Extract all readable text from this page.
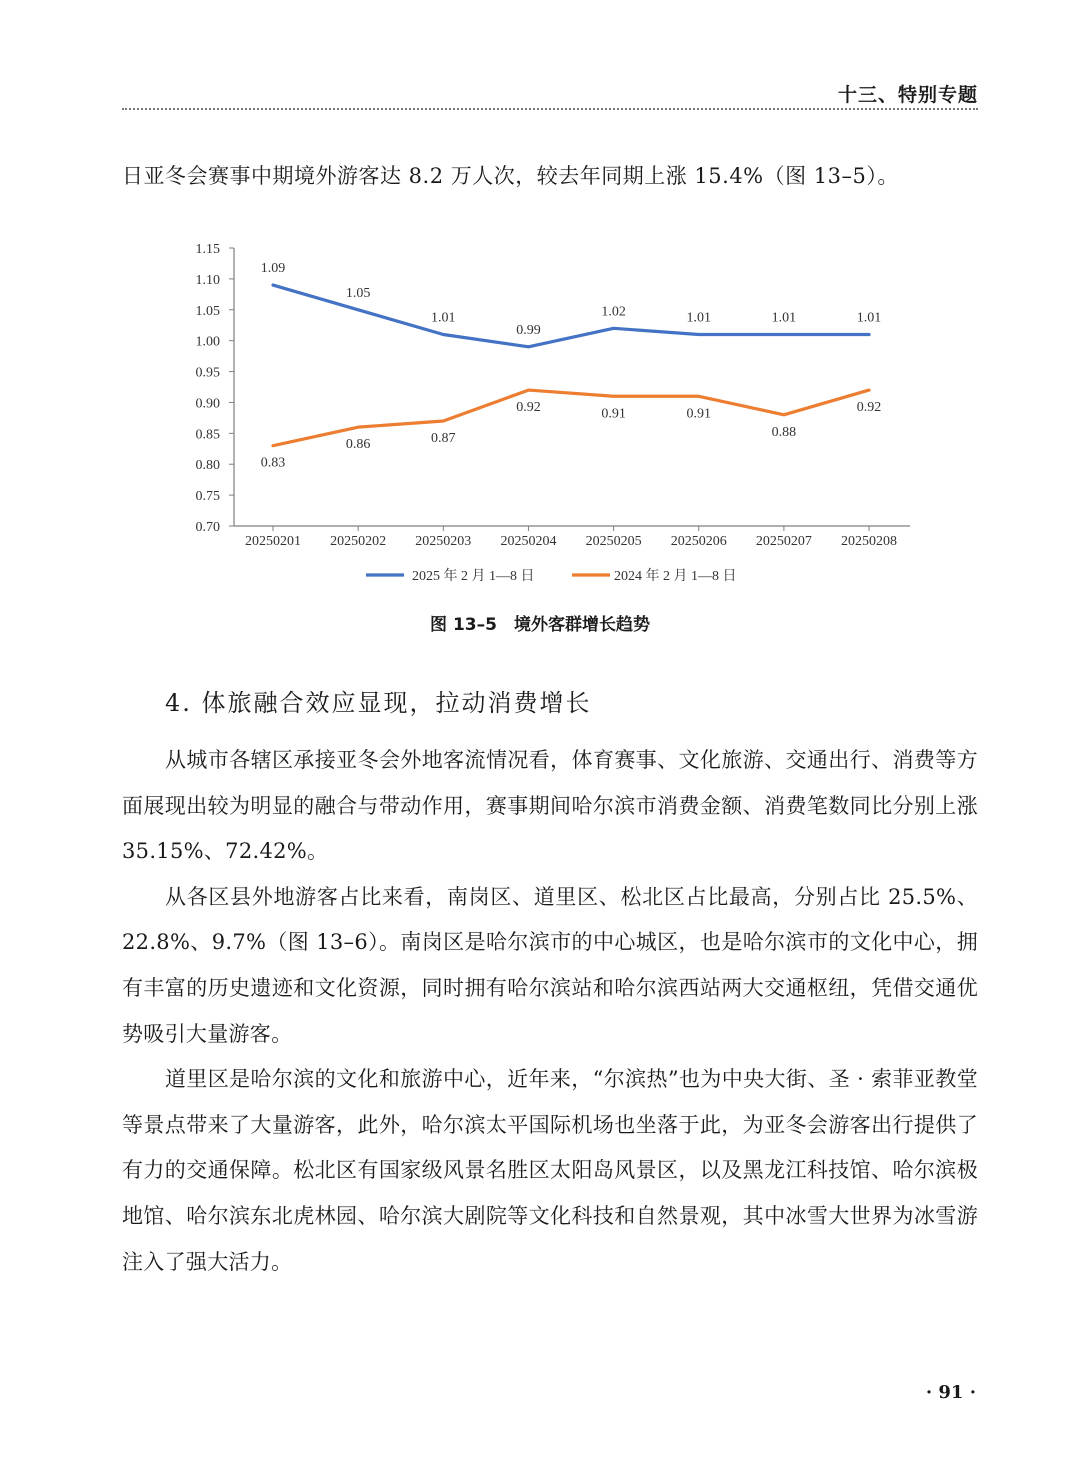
十三、特别专题
日亚冬会赛事中期境外游客达 8.2 万人次，较去年同期上涨 15.4%（图 13–5）。
0.70
0.75
0.80
0.85
0.90
0.95
1.00
1.05
1.10
1.15
20250201 20250202 20250203 20250204 20250205 20250206 20250207 20250208
1.09
1.05
1.01
0.99
1.02	1.01	1.01	1.01
0.83
0.86	0.87
0.92	0.91	0.91
0.88
0.92
2025 年 2 月 1—8 日	2024 年 2 月 1—8 日
图 13–5　境外客群增长趋势
4. 体旅融合效应显现，拉动消费增长

从城市各辖区承接亚冬会外地客流情况看，体育赛事、文化旅游、交通出行、消费等方面展现出较为明显的融合与带动作用，赛事期间哈尔滨市消费金额、消费笔数同比分别上涨 35.15%、72.42%。

从各区县外地游客占比来看，南岗区、道里区、松北区占比最高，分别占比 25.5%、22.8%、9.7%（图 13–6）。南岗区是哈尔滨市的中心城区，也是哈尔滨市的文化中心，拥有丰富的历史遗迹和文化资源，同时拥有哈尔滨站和哈尔滨西站两大交通枢纽，凭借交通优势吸引大量游客。

道里区是哈尔滨的文化和旅游中心，近年来，“尔滨热”也为中央大街、圣 · 索菲亚教堂等景点带来了大量游客，此外，哈尔滨太平国际机场也坐落于此，为亚冬会游客出行提供了有力的交通保障。松北区有国家级风景名胜区太阳岛风景区，以及黑龙江科技馆、哈尔滨极地馆、哈尔滨东北虎林园、哈尔滨大剧院等文化科技和自然景观，其中冰雪大世界为冰雪游注入了强大活力。

· 91 ·
